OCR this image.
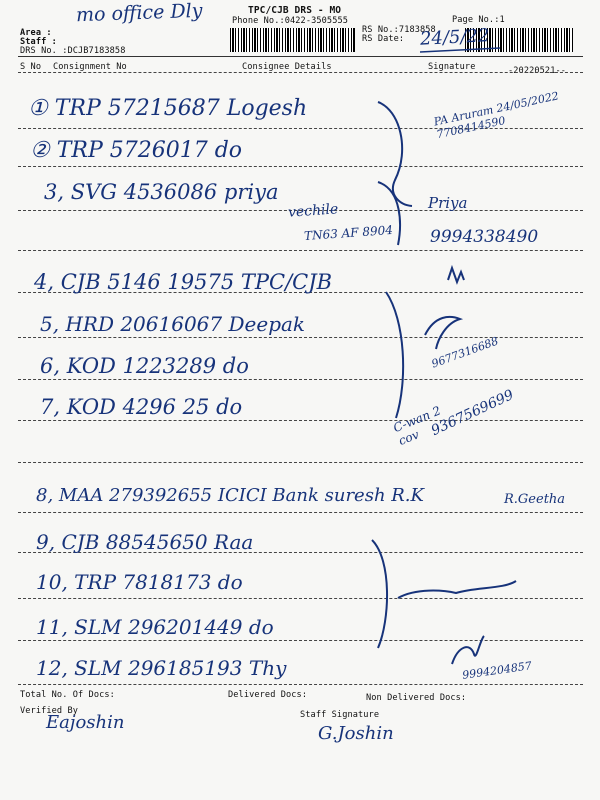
TPC/CJB DRS - MO
Phone No.:0422-3505555
Area :
Staff :
DRS No. :DCJB7183858
RS No.:7183858
RS Date:
Page No.:1
S No Consignment No	Consignee Details	Signature	-20220521--
mo office Dly
24/5/22
① TRP 57215687 Logesh
② TRP 5726017 do
3, SVG 4536086 priya
vechile
TN63 AF 8904
4, CJB 5146 19575 TPC/CJB
5, HRD 20616067 Deepak
6, KOD 1223289 do
7, KOD 4296 25 do
8, MAA 279392655 ICICI Bank suresh R.K
9, CJB 88545650 Raa
10, TRP 7818173 do
11, SLM 296201449 do
12, SLM 296185193 Thy
PA Aruram 24/05/2022 7708414590
Priya
9994338490
9677316688
C-wan 2 cov 9367569699
R.Geetha
9994204857
Total No. Of Docs:	Delivered Docs:	Non Delivered Docs:
Verified By	Staff Signature
Eajoshin
G.Joshin
